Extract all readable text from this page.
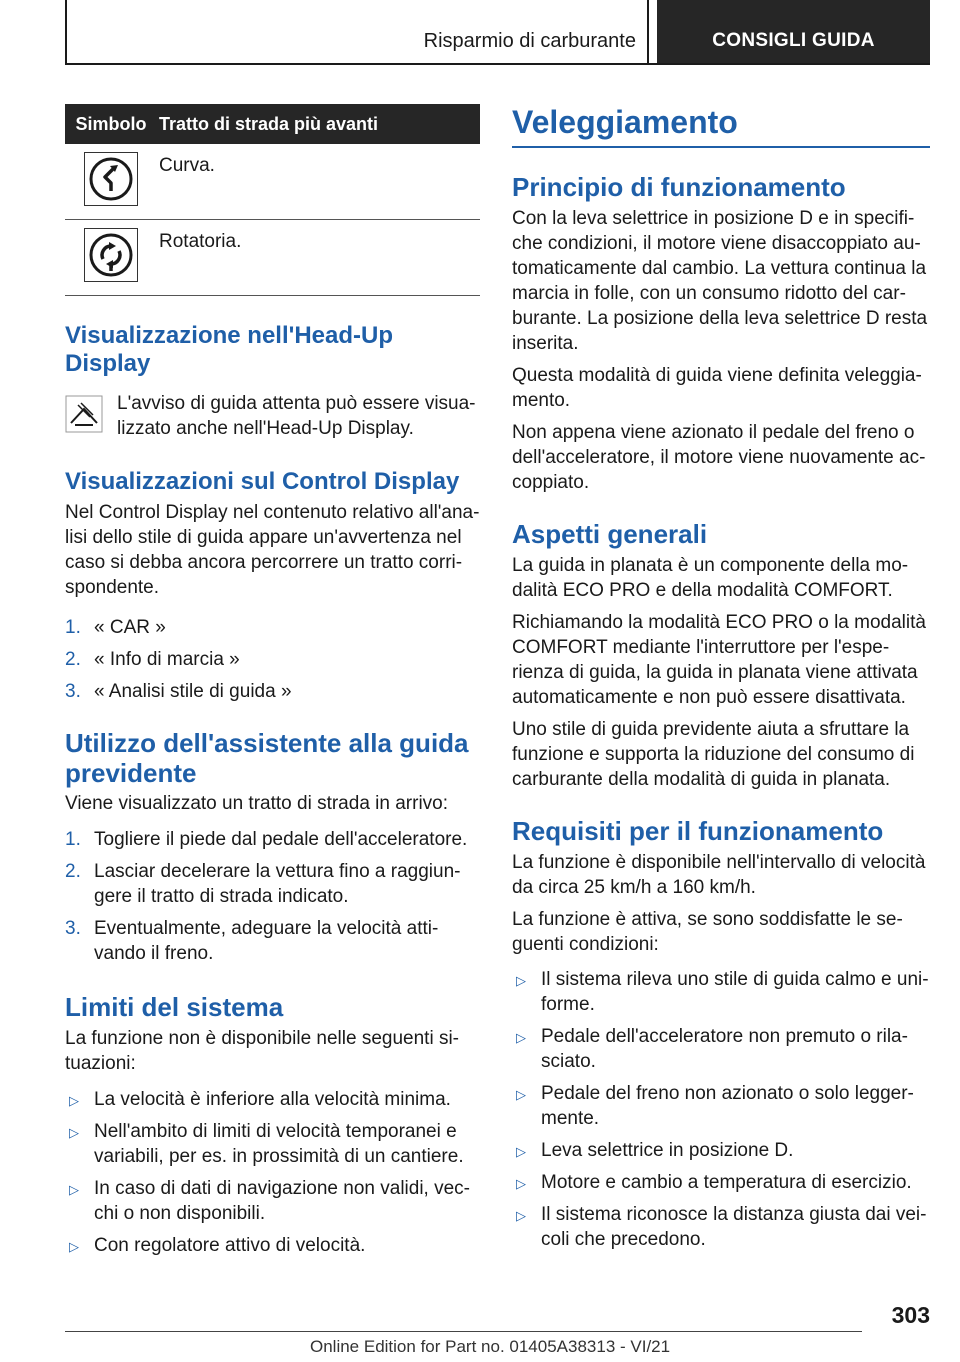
Risparmio di carburante	CONSIGLI GUIDA
Simbolo	Tratto di strada più avanti

	Curva.

	Rotatoria.
Visualizzazione nell'Head-Up
Display

L'avviso di guida attenta può essere visua-
lizzato anche nell'Head-Up Display.

Visualizzazioni sul Control Display

Nel Control Display nel contenuto relativo all'ana-
lisi dello stile di guida appare un'avvertenza nel
caso si debba ancora percorrere un tratto corri-
spondente.

1. « CAR »
2. « Info di marcia »
3. « Analisi stile di guida »
Utilizzo dell'assistente alla guida
previdente

Viene visualizzato un tratto di strada in arrivo:

1. Togliere il piede dal pedale dell'acceleratore.
2. Lasciar decelerare la vettura fino a raggiun-
gere il tratto di strada indicato.
3. Eventualmente, adeguare la velocità atti-
vando il freno.
Limiti del sistema

La funzione non è disponibile nelle seguenti si-
tuazioni:

▷ La velocità è inferiore alla velocità minima.
▷ Nell'ambito di limiti di velocità temporanei e
variabili, per es. in prossimità di un cantiere.
▷ In caso di dati di navigazione non validi, vec-
chi o non disponibili.
▷ Con regolatore attivo di velocità.
Veleggiamento
Principio di funzionamento

Con la leva selettrice in posizione D e in specifi-
che condizioni, il motore viene disaccoppiato au-
tomaticamente dal cambio. La vettura continua la
marcia in folle, con un consumo ridotto del car-
burante. La posizione della leva selettrice D resta
inserita.

Questa modalità di guida viene definita veleggia-
mento.

Non appena viene azionato il pedale del freno o
dell'acceleratore, il motore viene nuovamente ac-
coppiato.

Aspetti generali

La guida in planata è un componente della mo-
dalità ECO PRO e della modalità COMFORT.

Richiamando la modalità ECO PRO o la modalità
COMFORT mediante l'interruttore per l'espe-
rienza di guida, la guida in planata viene attivata
automaticamente e non può essere disattivata.

Uno stile di guida previdente aiuta a sfruttare la
funzione e supporta la riduzione del consumo di
carburante della modalità di guida in planata.

Requisiti per il funzionamento

La funzione è disponibile nell'intervallo di velocità
da circa 25 km/h a 160 km/h.

La funzione è attiva, se sono soddisfatte le se-
guenti condizioni:

▷ Il sistema rileva uno stile di guida calmo e uni-
forme.
▷ Pedale dell'acceleratore non premuto o rila-
sciato.
▷ Pedale del freno non azionato o solo legger-
mente.
▷ Leva selettrice in posizione D.
▷ Motore e cambio a temperatura di esercizio.
▷ Il sistema riconosce la distanza giusta dai vei-
coli che precedono.
303
Online Edition for Part no. 01405A38313 - VI/21
